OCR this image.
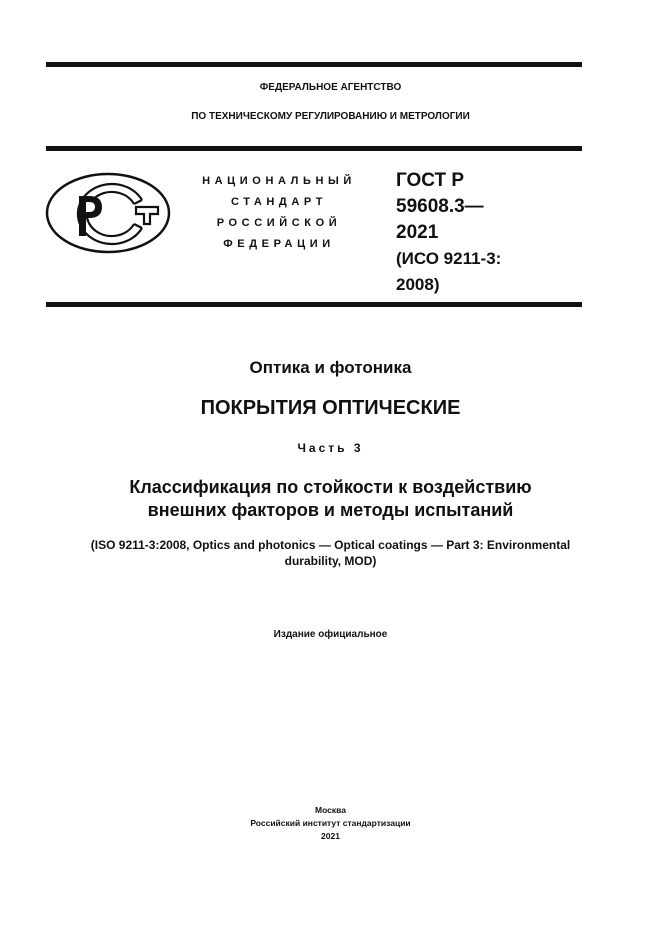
ФЕДЕРАЛЬНОЕ АГЕНТСТВО
ПО ТЕХНИЧЕСКОМУ РЕГУЛИРОВАНИЮ И МЕТРОЛОГИИ
НАЦИОНАЛЬНЫЙ
СТАНДАРТ
РОССИЙСКОЙ
ФЕДЕРАЦИИ
ГОСТ Р
59608.3—
2021
(ИСО 9211-3:
2008)
Оптика и фотоника
ПОКРЫТИЯ ОПТИЧЕСКИЕ
Часть 3
Классификация по стойкости к воздействию
внешних факторов и методы испытаний
(ISO 9211-3:2008, Optics and photonics — Optical coatings — Part 3: Environmental
durability, MOD)
Издание официальное
Москва
Российский институт стандартизации
2021
